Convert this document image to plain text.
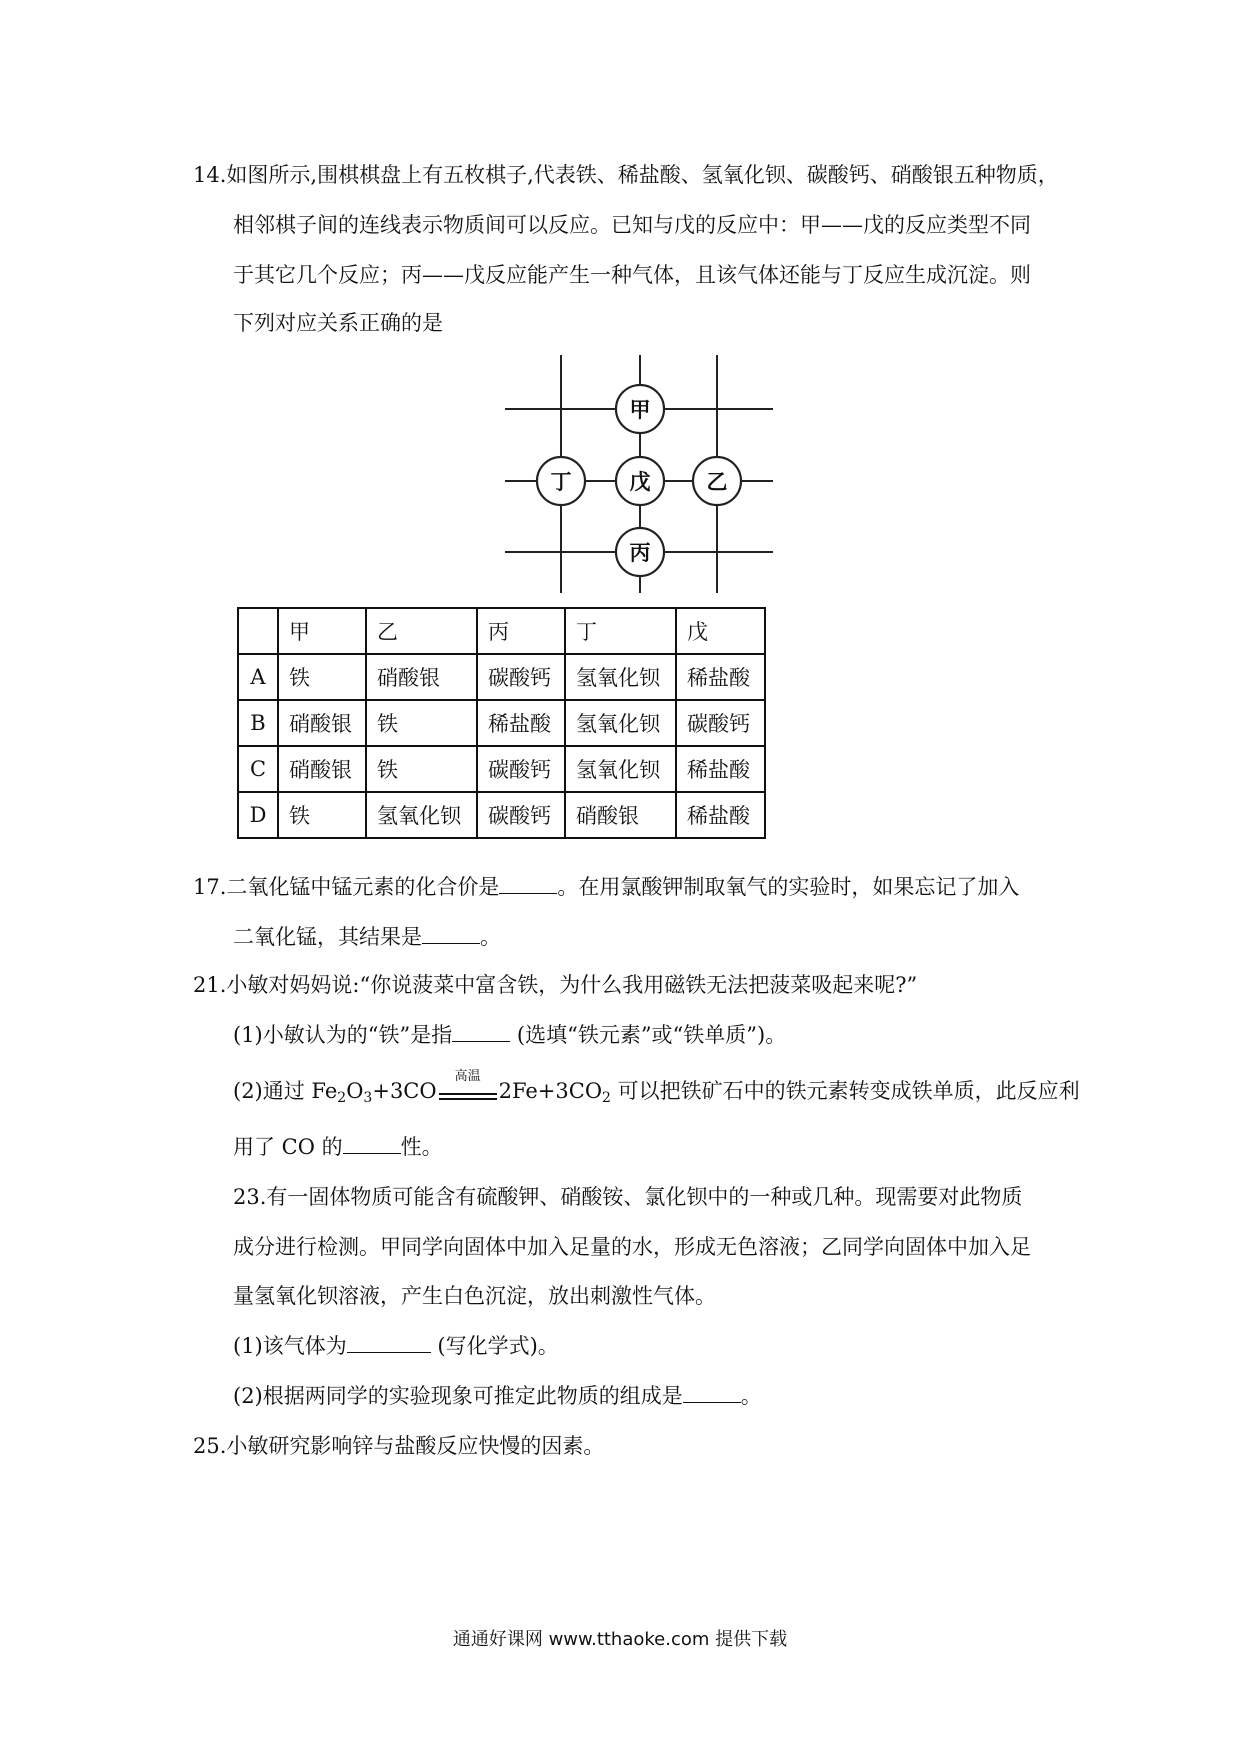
14.如图所示,围棋棋盘上有五枚棋子,代表铁、稀盐酸、氢氧化钡、碳酸钙、硝酸银五种物质，
相邻棋子间的连线表示物质间可以反应。已知与戊的反应中：甲——戊的反应类型不同
于其它几个反应；丙——戊反应能产生一种气体，且该气体还能与丁反应生成沉淀。则
下列对应关系正确的是
甲
丁	戊	乙
丙
	甲	乙	丙	丁	戊
A	铁	硝酸银	碳酸钙	氢氧化钡	稀盐酸
B	硝酸银	铁	稀盐酸	氢氧化钡	碳酸钙
C	硝酸银	铁	碳酸钙	氢氧化钡	稀盐酸
D	铁	氢氧化钡	碳酸钙	硝酸银	稀盐酸
17.二氧化锰中锰元素的化合价是	。在用氯酸钾制取氧气的实验时，如果忘记了加入
二氧化锰，其结果是	。
21.小敏对妈妈说:“你说菠菜中富含铁，为什么我用磁铁无法把菠菜吸起来呢?”
(1)小敏认为的“铁”是指	(选填“铁元素”或“铁单质”)。
(2)通过 $Fe_2O_3+3CO$
高温
$2Fe+3CO_2$ 可以把铁矿石中的铁元素转变成铁单质，此反应利
用了 CO 的	性。
23.有一固体物质可能含有硫酸钾、硝酸铵、氯化钡中的一种或几种。现需要对此物质
成分进行检测。甲同学向固体中加入足量的水，形成无色溶液；乙同学向固体中加入足
量氢氧化钡溶液，产生白色沉淀，放出刺激性气体。
(1)该气体为	(写化学式)。
(2)根据两同学的实验现象可推定此物质的组成是	。
25.小敏研究影响锌与盐酸反应快慢的因素。
通通好课网 www.tthaoke.com 提供下载
